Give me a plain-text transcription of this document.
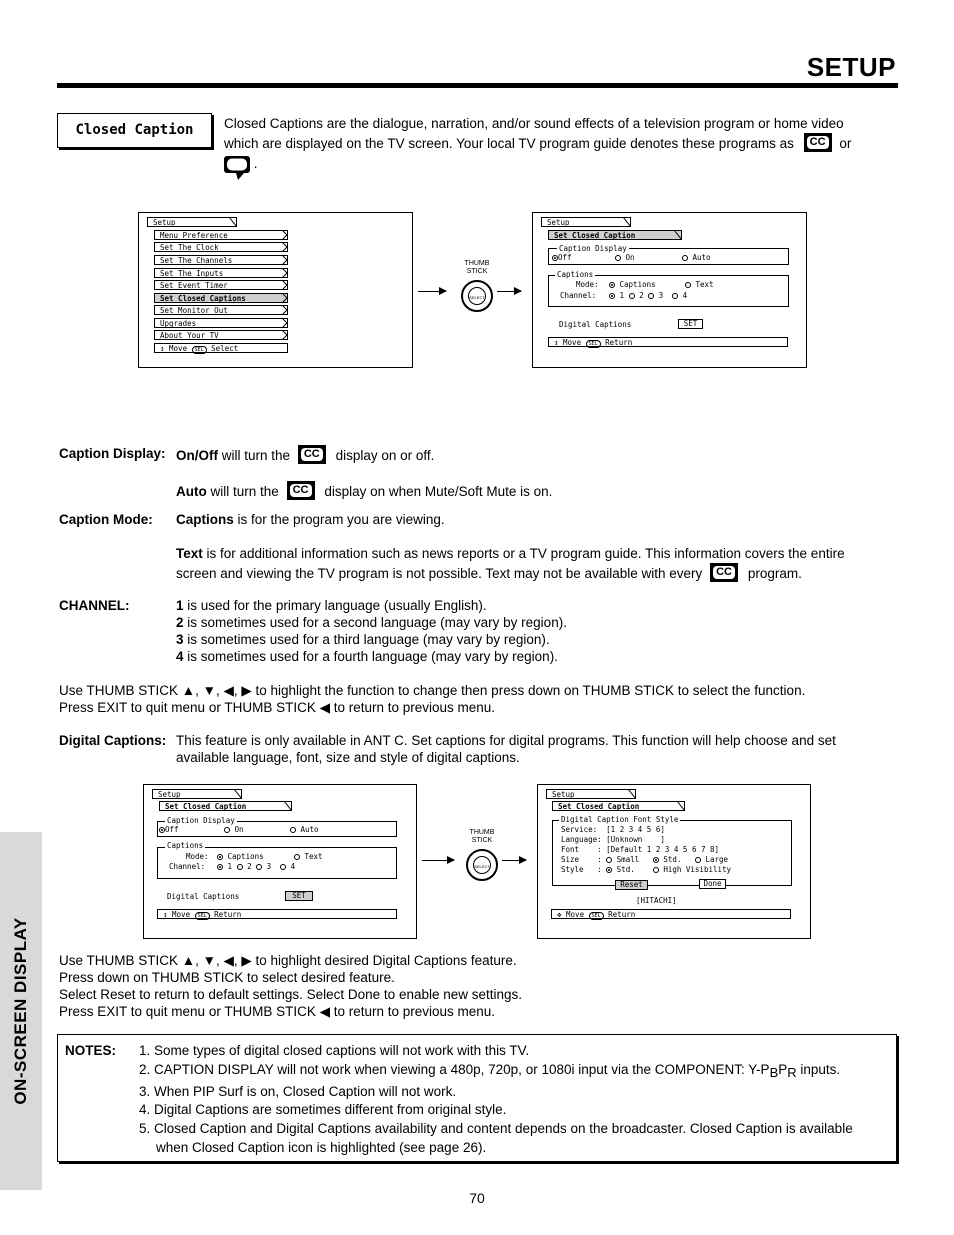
SETUP
ON-SCREEN DISPLAY
Closed Caption	Closed Captions are the dialogue, narration, and/or sound effects of a television program or home video
which are displayed on the TV screen. Your local TV program guide denotes these programs as CC or
.
Setup
Menu Preference
Set The Clock
Set The Channels
Set The Inputs
Set Event Timer
Set Closed Captions
Set Monitor Out
Upgrades
About Your TV
↕ Move SEL Select
THUMB
STICK
SELECT
Setup
Set Closed Caption
Caption Display
Off	On	Auto
Captions
Mode:	Captions	Text
Channel:	1 2 3	4
Digital Captions	SET
↕ Move SEL Return
Caption Display: On/Off will turn the CC display on or off.
Auto will turn the CC display on when Mute/Soft Mute is on.
Caption Mode: Captions is for the program you are viewing.
Text is for additional information such as news reports or a TV program guide. This information covers the entire
screen and viewing the TV program is not possible. Text may not be available with every CC program.
CHANNEL:	1 is used for the primary language (usually English).
2 is sometimes used for a second language (may vary by region).
3 is sometimes used for a third language (may vary by region).
4 is sometimes used for a fourth language (may vary by region).
Use THUMB STICK ▲, ▼, ◀, ▶ to highlight the function to change then press down on THUMB STICK to select the function.
Press EXIT to quit menu or THUMB STICK ◀ to return to previous menu.
Digital Captions: This feature is only available in ANT C. Set captions for digital programs. This function will help choose and set
available language, font, size and style of digital captions.
Setup
Set Closed Caption
Caption Display
Off	On	Auto
Captions
Mode:	Captions	Text
Channel:	1 2 3	4
Digital Captions	SET
↕ Move SEL Return
THUMB
STICK
SELECT
Setup
Set Closed Caption
Digital Caption Font Style
Service:  [1 2 3 4 5 6]
Language: [Unknown    ]
Font    : [Default 1 2 3 4 5 6 7 8]
Size    : Small	Std.	Large
Style   : Std.	High Visibility
Reset	Done
[HITACHI]
✥ Move SEL Return
Use THUMB STICK ▲, ▼, ◀, ▶ to highlight desired Digital Captions feature.
Press down on THUMB STICK to select desired feature.
Select Reset to return to default settings. Select Done to enable new settings.
Press EXIT to quit menu or THUMB STICK ◀ to return to previous menu.
NOTES: 1. Some types of digital closed captions will not work with this TV.
2. CAPTION DISPLAY will not work when viewing a 480p, 720p, or 1080i input via the COMPONENT: $Y-P_BP_R$ inputs.
3. When PIP Surf is on, Closed Caption will not work.
4. Digital Captions are sometimes different from original style.
5. Closed Caption and Digital Captions availability and content depends on the broadcaster. Closed Caption is available
when Closed Caption icon is highlighted (see page 26).
70
